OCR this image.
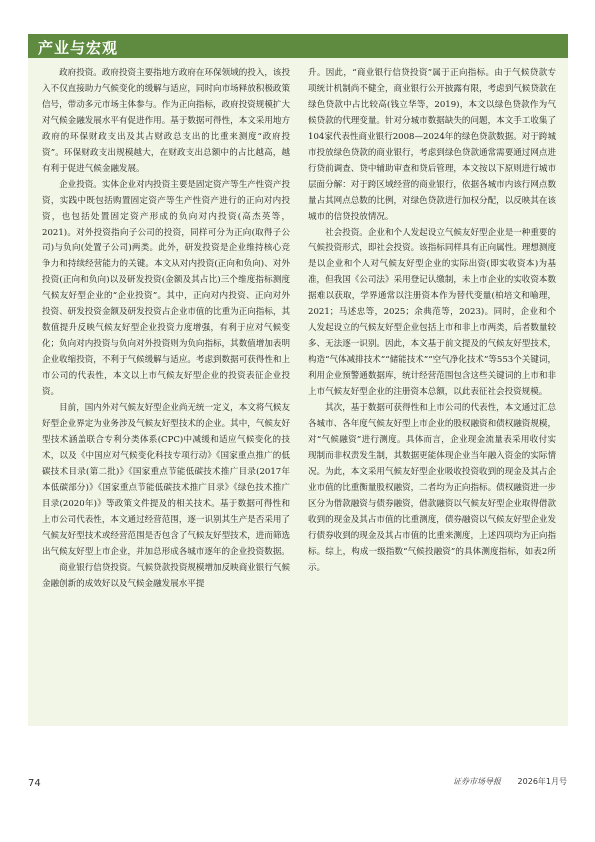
产业与宏观

政府投资。政府投资主要指地方政府在环保领域的投入，该投入不仅直接助力气候变化的缓解与适应，同时向市场释放积极政策信号，带动多元市场主体参与。作为正向指标，政府投资规模扩大对气候金融发展水平有促进作用。基于数据可得性，本文采用地方政府的环保财政支出及其占财政总支出的比重来测度“政府投资”。环保财政支出规模越大，在财政支出总额中的占比越高，越有利于促进气候金融发展。

企业投资。实体企业对内投资主要是固定资产等生产性资产投资，实践中既包括购置固定资产等生产性资产进行的正向对内投资，也包括处置固定资产形成的负向对内投资(高杰英等，2021)。对外投资指向子公司的投资，同样可分为正向(取得子公司)与负向(处置子公司)两类。此外，研发投资是企业维持核心竞争力和持续经营能力的关键。本文从对内投资(正向和负向)、对外投资(正向和负向)以及研发投资(金额及其占比)三个维度指标测度气候友好型企业的“企业投资”。其中，正向对内投资、正向对外投资、研发投资金额及研发投资占企业市值的比重为正向指标，其数值提升反映气候友好型企业投资力度增强，有利于应对气候变化；负向对内投资与负向对外投资则为负向指标，其数值增加表明企业收缩投资，不利于气候缓解与适应。考虑到数据可获得性和上市公司的代表性，本文以上市气候友好型企业的投资表征企业投资。

目前，国内外对气候友好型企业尚无统一定义，本文将气候友好型企业界定为业务涉及气候友好型技术的企业。其中，气候友好型技术涵盖联合专利分类体系(CPC)中减缓和适应气候变化的技术，以及《中国应对气候变化科技专项行动》《国家重点推广的低碳技术目录(第二批)》《国家重点节能低碳技术推广目录(2017年本低碳部分)》《国家重点节能低碳技术推广目录》《绿色技术推广目录(2020年)》等政策文件提及的相关技术。基于数据可得性和上市公司代表性，本文通过经营范围，逐一识别其生产是否采用了气候友好型技术或经营范围是否包含了气候友好型技术，进而筛选出气候友好型上市企业，并加总形成各城市逐年的企业投资数据。

商业银行信贷投资。气候贷款投资规模增加反映商业银行气候金融创新的成效好以及气候金融发展水平提

升。因此，“商业银行信贷投资”属于正向指标。由于气候贷款专项统计机制尚不健全，商业银行公开披露有限，考虑到气候贷款在绿色贷款中占比较高(钱立华等，2019)，本文以绿色贷款作为气候贷款的代理变量。针对分城市数据缺失的问题，本文手工收集了104家代表性商业银行2008—2024年的绿色贷款数据。对于跨城市投放绿色贷款的商业银行，考虑到绿色贷款通常需要通过网点进行贷前调查、贷中辅助审查和贷后管理，本文按以下原则进行城市层面分解：对于跨区域经营的商业银行，依据各城市内该行网点数量占其网点总数的比例，对绿色贷款进行加权分配，以反映其在该城市的信贷投放情况。

社会投资。企业和个人发起设立气候友好型企业是一种重要的气候投资形式，即社会投资。该指标同样具有正向属性。理想测度是以企业和个人对气候友好型企业的实际出资(即实收资本)为基准，但我国《公司法》采用登记认缴制，未上市企业的实收资本数据难以获取，学界通常以注册资本作为替代变量(柏培文和喻理，2021；马述忠等，2025；余典范等，2023)。同时，企业和个人发起设立的气候友好型企业包括上市和非上市两类，后者数量较多、无法逐一识别。因此，本文基于前文提及的气候友好型技术，构造“气体减排技术”“储能技术”“空气净化技术”等553个关键词，利用企业预警通数据库，统计经营范围包含这些关键词的上市和非上市气候友好型企业的注册资本总额，以此表征社会投资规模。

其次，基于数据可获得性和上市公司的代表性，本文通过汇总各城市、各年度气候友好型上市企业的股权融资和债权融资规模，对“气候融资”进行测度。具体而言，企业现金流量表采用收付实现制而非权责发生制，其数据更能体现企业当年融入资金的实际情况。为此，本文采用气候友好型企业吸收投资收到的现金及其占企业市值的比重衡量股权融资，二者均为正向指标。债权融资进一步区分为借款融资与债券融资，借款融资以气候友好型企业取得借款收到的现金及其占市值的比重测度，债券融资以气候友好型企业发行债券收到的现金及其占市值的比重来测度，上述四项均为正向指标。综上，构成一级指数“气候投融资”的具体测度指标，如表2所示。

74	证券市场导报 2026年1月号
